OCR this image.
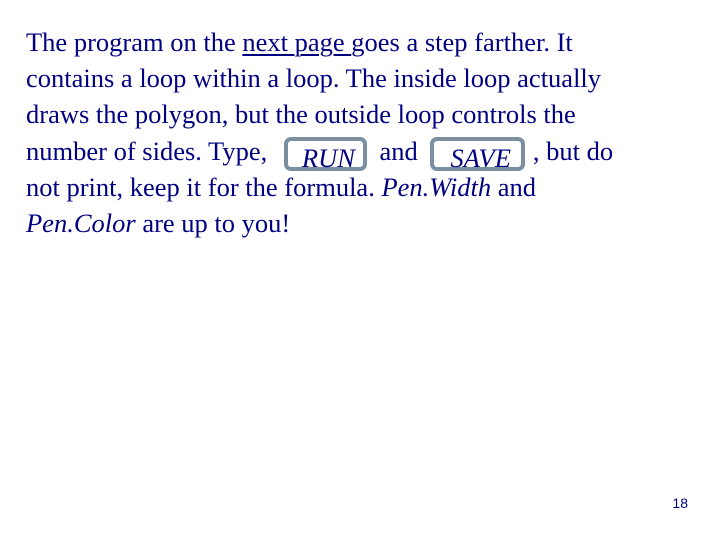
The program on the next page goes a step farther. It
contains a loop within a loop. The inside loop actually
draws the polygon, but the outside loop controls the
number of sides. Type, RUN and SAVE , but do
not print, keep it for the formula. Pen.Width and
Pen.Color are up to you!
18
